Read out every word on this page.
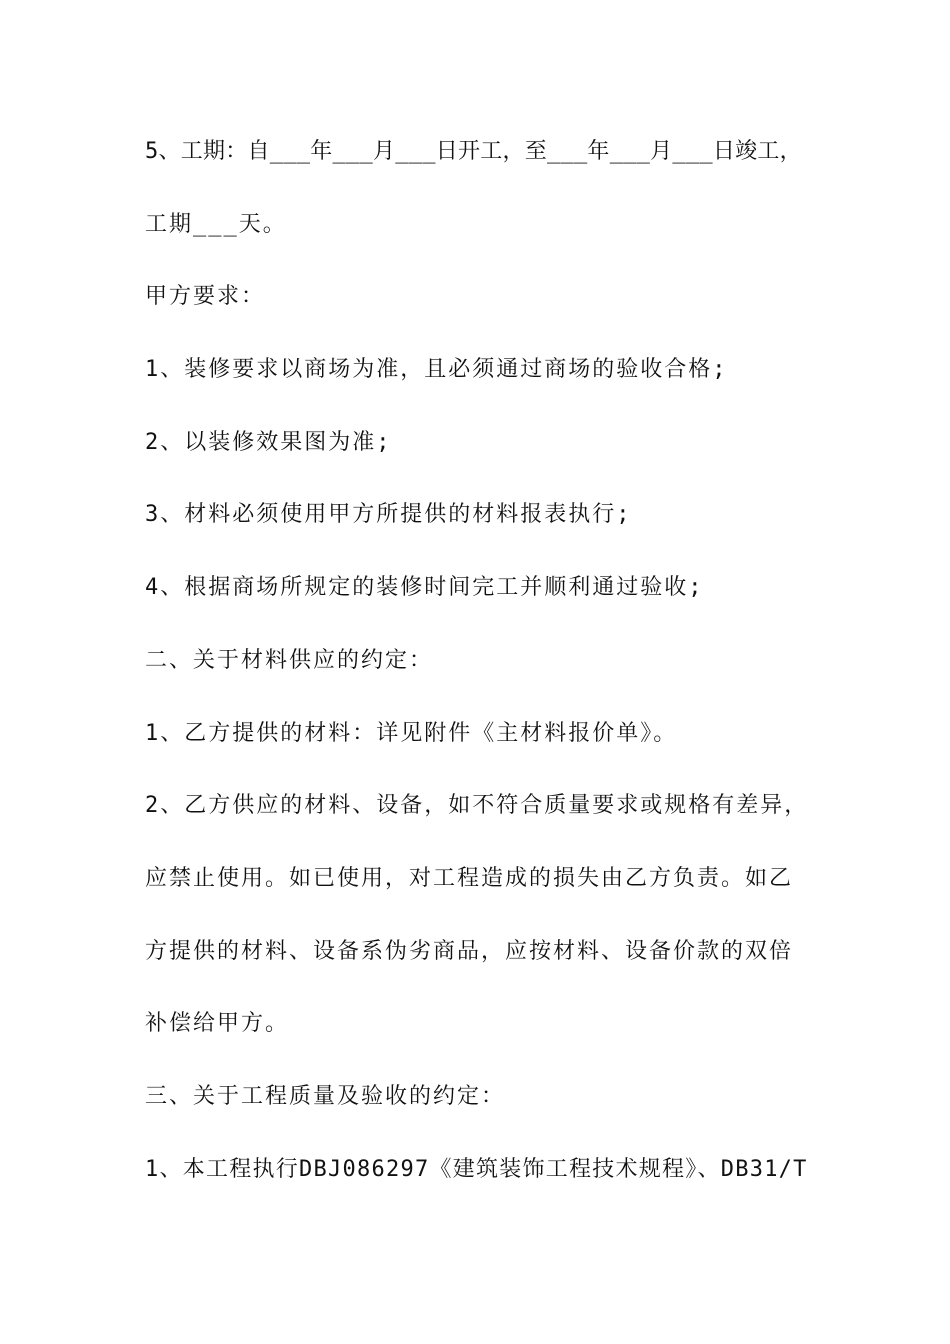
5、工期：自___年___月___日开工，至___年___月___日竣工，
工期___天。
甲方要求：
1、装修要求以商场为准，且必须通过商场的验收合格;
2、以装修效果图为准;
3、材料必须使用甲方所提供的材料报表执行;
4、根据商场所规定的装修时间完工并顺利通过验收;
二、关于材料供应的约定：
1、乙方提供的材料：详见附件《主材料报价单》。
2、乙方供应的材料、设备，如不符合质量要求或规格有差异，
应禁止使用。如已使用，对工程造成的损失由乙方负责。如乙
方提供的材料、设备系伪劣商品，应按材料、设备价款的双倍
补偿给甲方。
三、关于工程质量及验收的约定：
1、本工程执行DBJ086297《建筑装饰工程技术规程》、DB31/T
